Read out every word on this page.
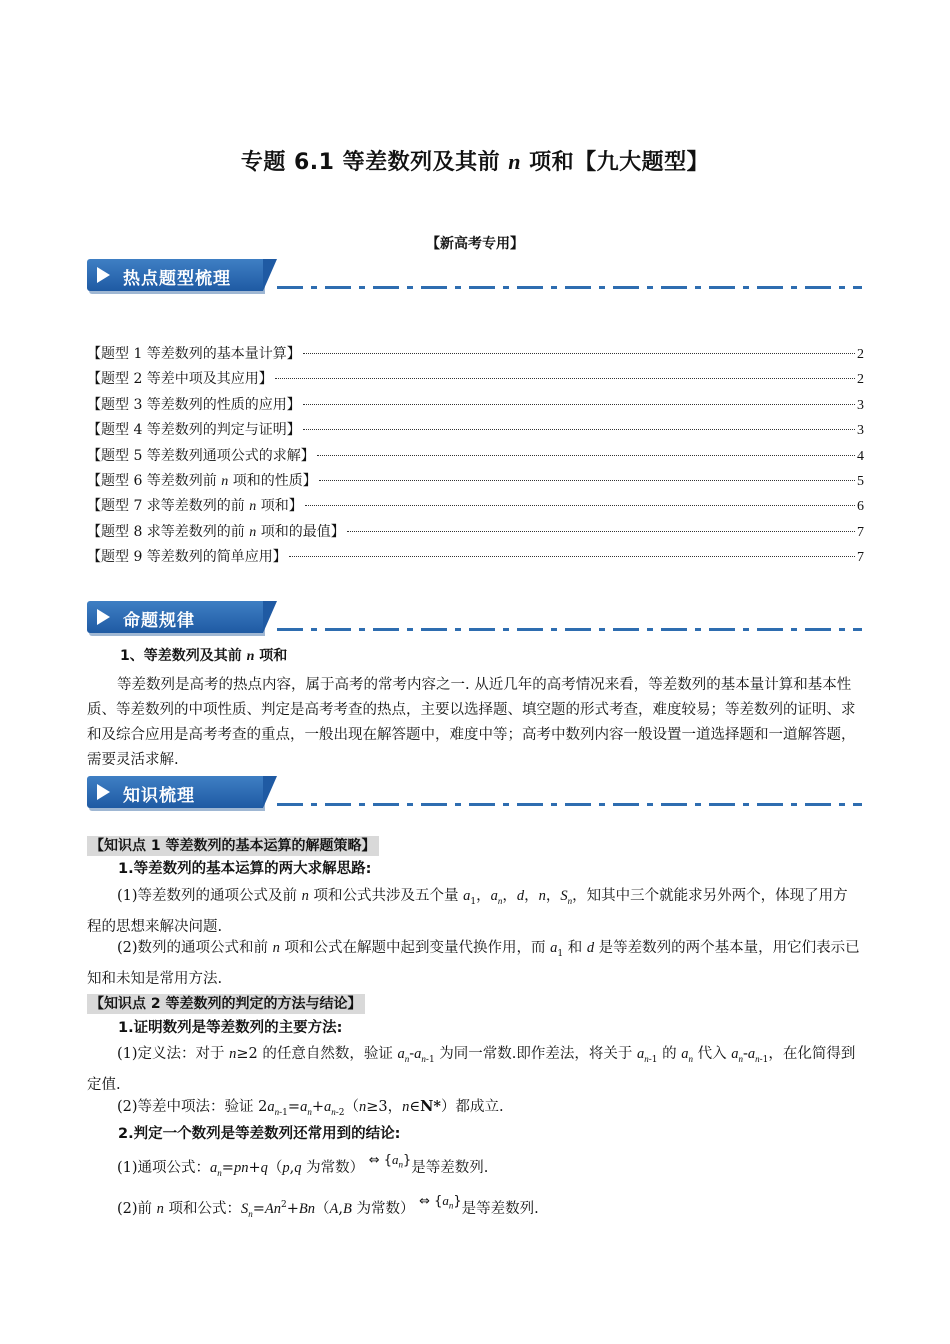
专题 6.1 等差数列及其前 n 项和【九大题型】
【新高考专用】
热点题型梳理
【题型 1 等差数列的基本量计算】	2
【题型 2 等差中项及其应用】	2
【题型 3 等差数列的性质的应用】	3
【题型 4 等差数列的判定与证明】	3
【题型 5 等差数列通项公式的求解】	4
【题型 6 等差数列前 n 项和的性质】	5
【题型 7 求等差数列的前 n 项和】	6
【题型 8 求等差数列的前 n 项和的最值】	7
【题型 9 等差数列的简单应用】	7
命题规律
1、等差数列及其前 n 项和
等差数列是高考的热点内容，属于高考的常考内容之一. 从近几年的高考情况来看，等差数列的基本量计算和基本性质、等差数列的中项性质、判定是高考考查的热点，主要以选择题、填空题的形式考查，难度较易；等差数列的证明、求和及综合应用是高考考查的重点，一般出现在解答题中，难度中等；高考中数列内容一般设置一道选择题和一道解答题，需要灵活求解.
知识梳理
【知识点 1 等差数列的基本运算的解题策略】
1.等差数列的基本运算的两大求解思路:
(1)等差数列的通项公式及前 n 项和公式共涉及五个量 $a_1$，$a_n$，d，n，$S_n$，知其中三个就能求另外两个，体现了用方程的思想来解决问题.
(2)数列的通项公式和前 n 项和公式在解题中起到变量代换作用，而 $a_1$ 和 d 是等差数列的两个基本量，用它们表示已知和未知是常用方法.
【知识点 2 等差数列的判定的方法与结论】
1.证明数列是等差数列的主要方法:
(1)定义法：对于 n≥2 的任意自然数，验证 $a_n-a_{n-1}$ 为同一常数.即作差法，将关于 $a_{n-1}$ 的 $a_n$ 代入 $a_n-a_{n-1}$，在化简得到定值.
(2)等差中项法：验证 $2a_{n-1}=a_n+a_{n-2}(n\ge 3$，n∈N*）都成立.
2.判定一个数列是等差数列还常用到的结论:
(1)通项公式：$a_n=pn+q(p,q$ 为常数） ⇔ $\{a_n\}$是等差数列.
(2)前 n 项和公式：$S_n=An^2+Bn(A,B$ 为常数） ⇔ $\{a_n\}$是等差数列.
